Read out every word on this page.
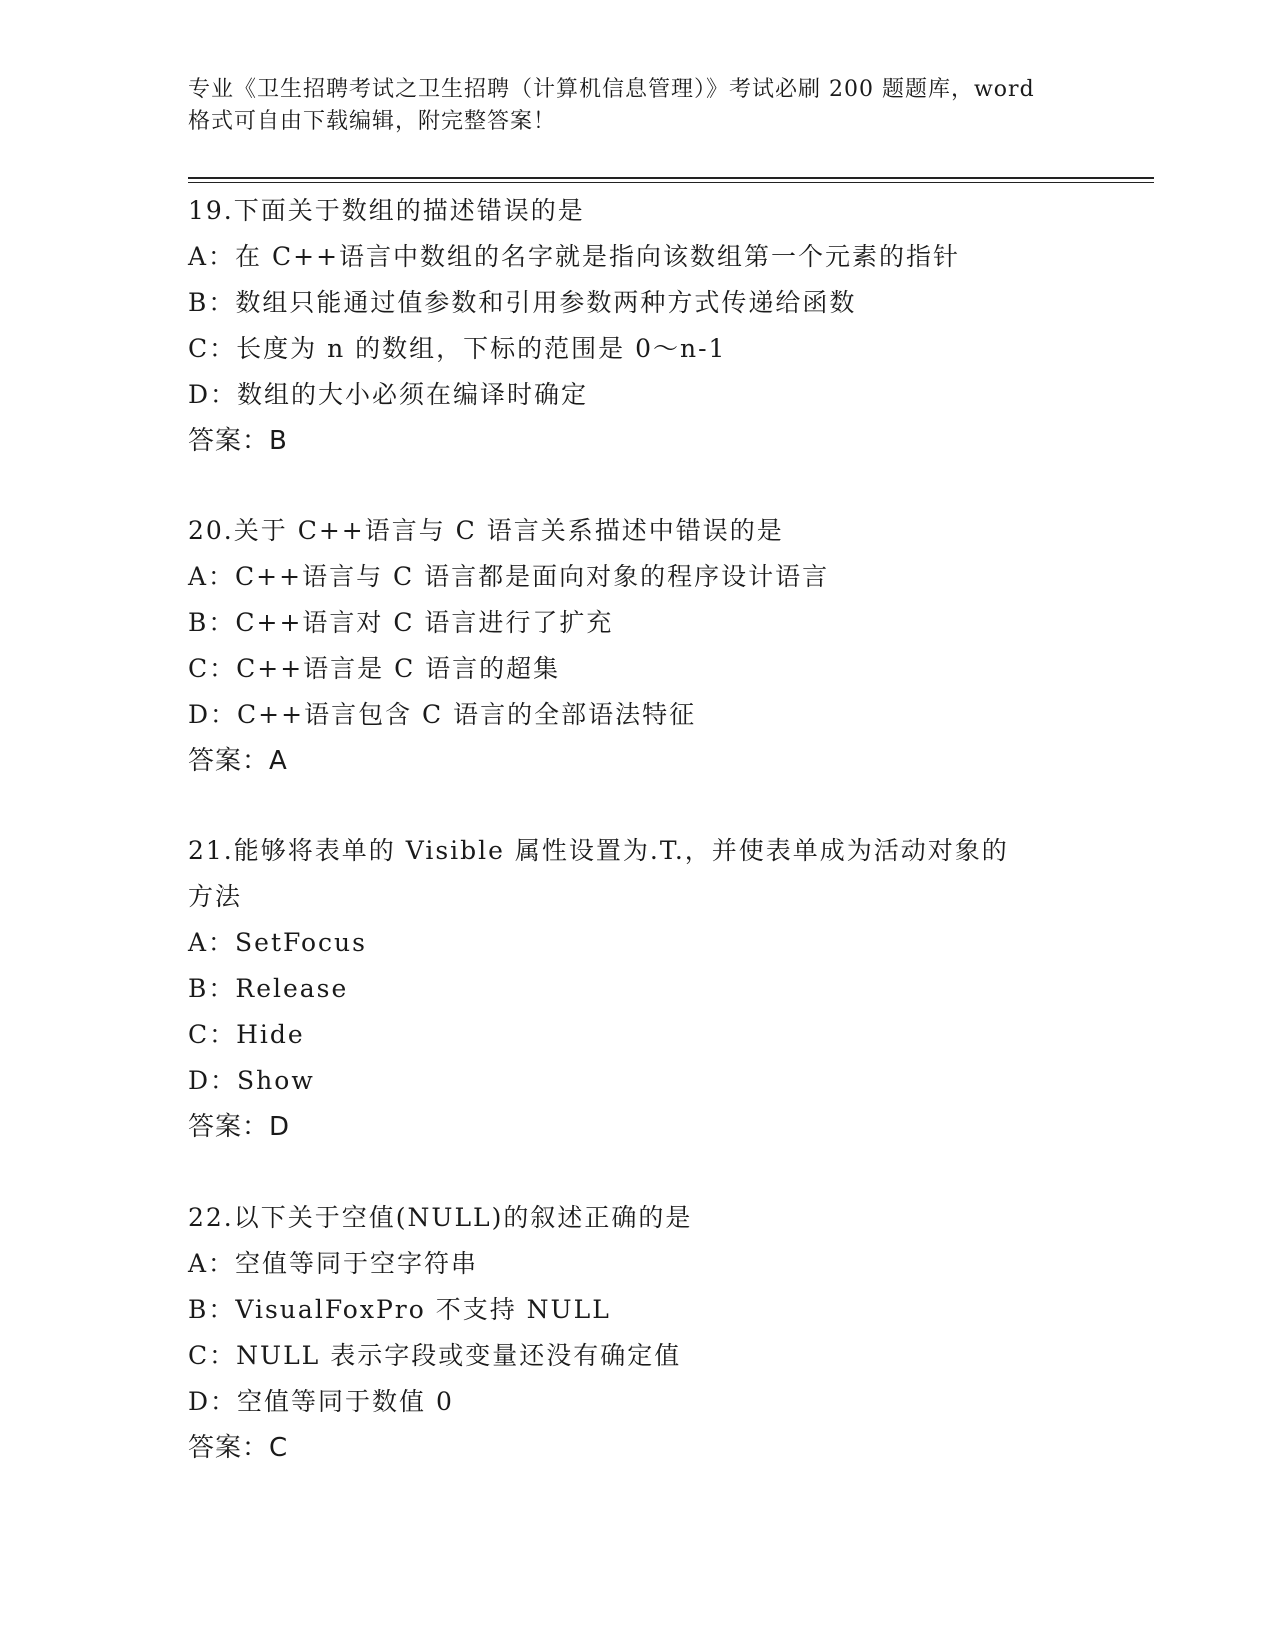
专业《卫生招聘考试之卫生招聘（计算机信息管理）》考试必刷 200 题题库，word
格式可自由下载编辑，附完整答案！
19.下面关于数组的描述错误的是
A：在 C++语言中数组的名字就是指向该数组第一个元素的指针
B：数组只能通过值参数和引用参数两种方式传递给函数
C：长度为 n 的数组，下标的范围是 0～n-1
D：数组的大小必须在编译时确定
答案：B
20.关于 C++语言与 C 语言关系描述中错误的是
A：C++语言与 C 语言都是面向对象的程序设计语言
B：C++语言对 C 语言进行了扩充
C：C++语言是 C 语言的超集
D：C++语言包含 C 语言的全部语法特征
答案：A
21.能够将表单的 Visible 属性设置为.T.，并使表单成为活动对象的
方法
A：SetFocus
B：Release
C：Hide
D：Show
答案：D
22.以下关于空值(NULL)的叙述正确的是
A：空值等同于空字符串
B：VisualFoxPro 不支持 NULL
C：NULL 表示字段或变量还没有确定值
D：空值等同于数值 0
答案：C
